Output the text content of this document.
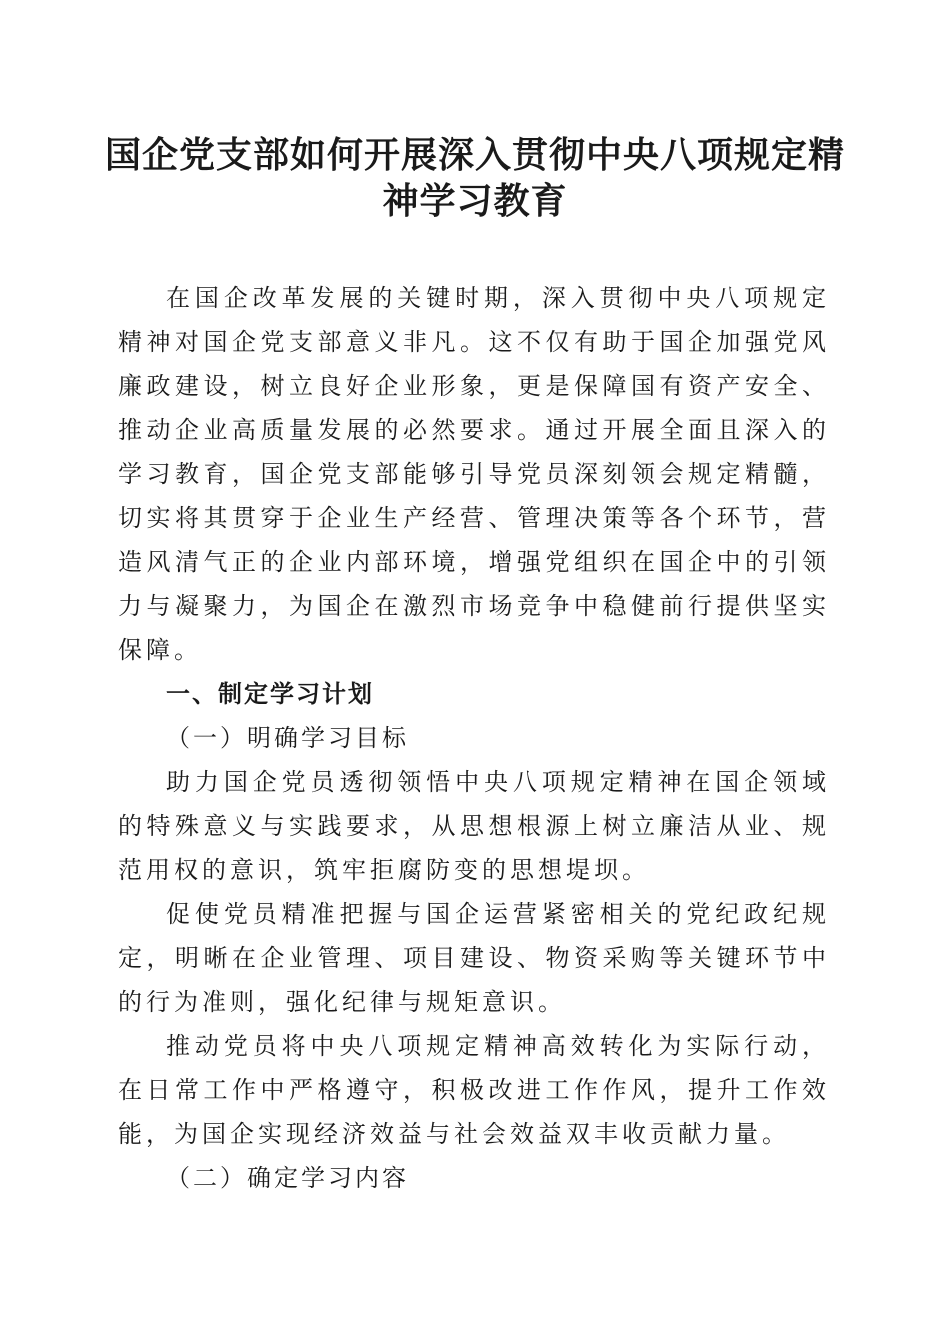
国企党支部如何开展深入贯彻中央八项规定精神学习教育

在国企改革发展的关键时期，深入贯彻中央八项规定精神对国企党支部意义非凡。这不仅有助于国企加强党风廉政建设，树立良好企业形象，更是保障国有资产安全、推动企业高质量发展的必然要求。通过开展全面且深入的学习教育，国企党支部能够引导党员深刻领会规定精髓，切实将其贯穿于企业生产经营、管理决策等各个环节，营造风清气正的企业内部环境，增强党组织在国企中的引领力与凝聚力，为国企在激烈市场竞争中稳健前行提供坚实保障。

一、制定学习计划

（一）明确学习目标

助力国企党员透彻领悟中央八项规定精神在国企领域的特殊意义与实践要求，从思想根源上树立廉洁从业、规范用权的意识，筑牢拒腐防变的思想堤坝。

促使党员精准把握与国企运营紧密相关的党纪政纪规定，明晰在企业管理、项目建设、物资采购等关键环节中的行为准则，强化纪律与规矩意识。

推动党员将中央八项规定精神高效转化为实际行动，在日常工作中严格遵守，积极改进工作作风，提升工作效能，为国企实现经济效益与社会效益双丰收贡献力量。

（二）确定学习内容
